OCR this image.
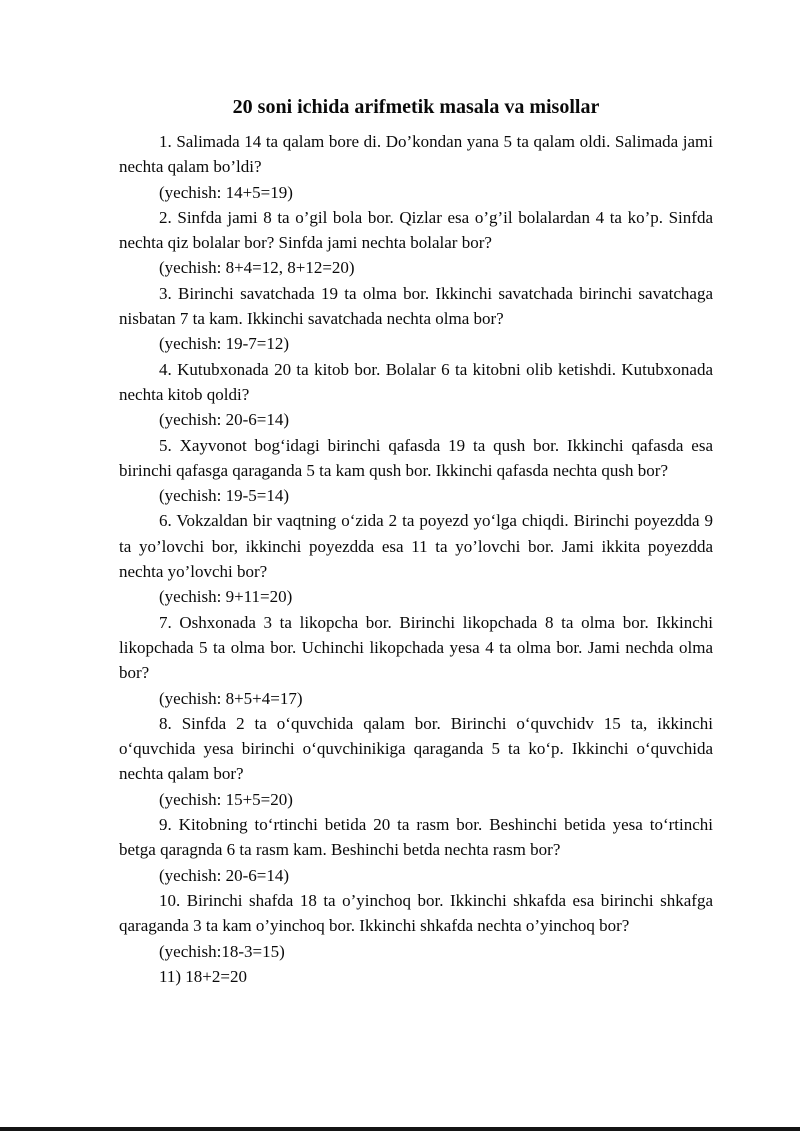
20 soni ichida arifmetik masala va misollar

1. Salimada 14 ta qalam bore di. Do’kondan yana 5 ta qalam oldi. Salimada jami nechta qalam bo’ldi?

(yechish: 14+5=19)

2. Sinfda jami 8 ta o’gil bola bor. Qizlar esa o’g’il bolalardan 4 ta ko’p. Sinfda nechta qiz bolalar bor? Sinfda jami nechta bolalar bor?

(yechish: 8+4=12, 8+12=20)

3. Birinchi savatchada 19 ta olma bor. Ikkinchi savatchada birinchi savatchaga nisbatan 7 ta kam. Ikkinchi savatchada nechta olma bor?

(yechish: 19-7=12)

4. Kutubxonada 20 ta kitob bor. Bolalar 6 ta kitobni olib ketishdi. Kutubxonada nechta kitob qoldi?

(yechish: 20-6=14)

5. Xayvonot bogʻidagi birinchi qafasda 19 ta qush bor. Ikkinchi qafasda esa birinchi qafasga qaraganda 5 ta kam qush bor. Ikkinchi qafasda nechta qush bor?

(yechish: 19-5=14)

6. Vokzaldan bir vaqtning oʻzida 2 ta poyezd yoʻlga chiqdi. Birinchi poyezdda 9 ta yo’lovchi bor, ikkinchi poyezdda esa 11 ta yo’lovchi bor. Jami ikkita poyezdda nechta yo’lovchi bor?

(yechish: 9+11=20)

7. Oshxonada 3 ta likopcha bor. Birinchi likopchada 8 ta olma bor. Ikkinchi likopchada 5 ta olma bor. Uchinchi likopchada yesa 4 ta olma bor. Jami nechda olma bor?

(yechish: 8+5+4=17)

8. Sinfda 2 ta oʻquvchida qalam bor. Birinchi oʻquvchidv 15 ta, ikkinchi oʻquvchida yesa birinchi oʻquvchinikiga qaraganda 5 ta koʻp. Ikkinchi oʻquvchida nechta qalam bor?

(yechish: 15+5=20)

9. Kitobning toʻrtinchi betida 20 ta rasm bor. Beshinchi betida yesa toʻrtinchi betga qaragnda 6 ta rasm kam. Beshinchi betda nechta rasm bor?

(yechish: 20-6=14)

10. Birinchi shafda 18 ta o’yinchoq bor. Ikkinchi shkafda esa birinchi shkafga qaraganda 3 ta kam o’yinchoq bor. Ikkinchi shkafda nechta o’yinchoq bor?

(yechish:18-3=15)

11) 18+2=20
